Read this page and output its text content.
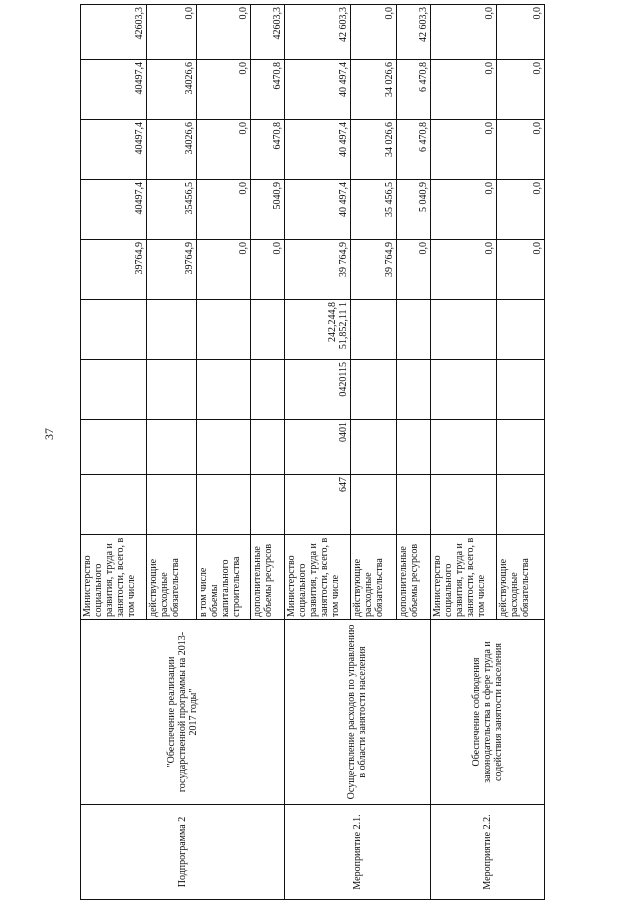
37
Подпрограмма 2	"Обеспечение реализации государственной программы на 2013-2017 годы"	Министерство социального развития, труда и занятости, всего, в том числе					39764,9	40497,4	40497,4	40497,4	42603,3
		действующие расходные обязательства					39764,9	35456,5	34026,6	34026,6	0,0
		в том числе объемы капитального строительства					0,0	0,0	0,0	0,0	0,0
		дополнительные объемы ресурсов					0,0	5040,9	6470,8	6470,8	42603,3
Мероприятие 2.1.	Осуществление расходов по управлению в области занятости населения	Министерство социального развития, труда и занятости, всего, в том числе	647	0401	0420115	242,244,8 51,852,11 1	39 764,9	40 497,4	40 497,4	40 497,4	42 603,3
		действующие расходные обязательства					39 764,9	35 456,5	34 026,6	34 026,6	0,0
		дополнительные объемы ресурсов					0,0	5 040,9	6 470,8	6 470,8	42 603,3
Мероприятие 2.2.	Обеспечение соблюдения законодательства в сфере труда и содействия занятости населения	Министерство социального развития, труда и занятости, всего, в том числе					0,0	0,0	0,0	0,0	0,0
		действующие расходные обязательства					0,0	0,0	0,0	0,0	0,0
